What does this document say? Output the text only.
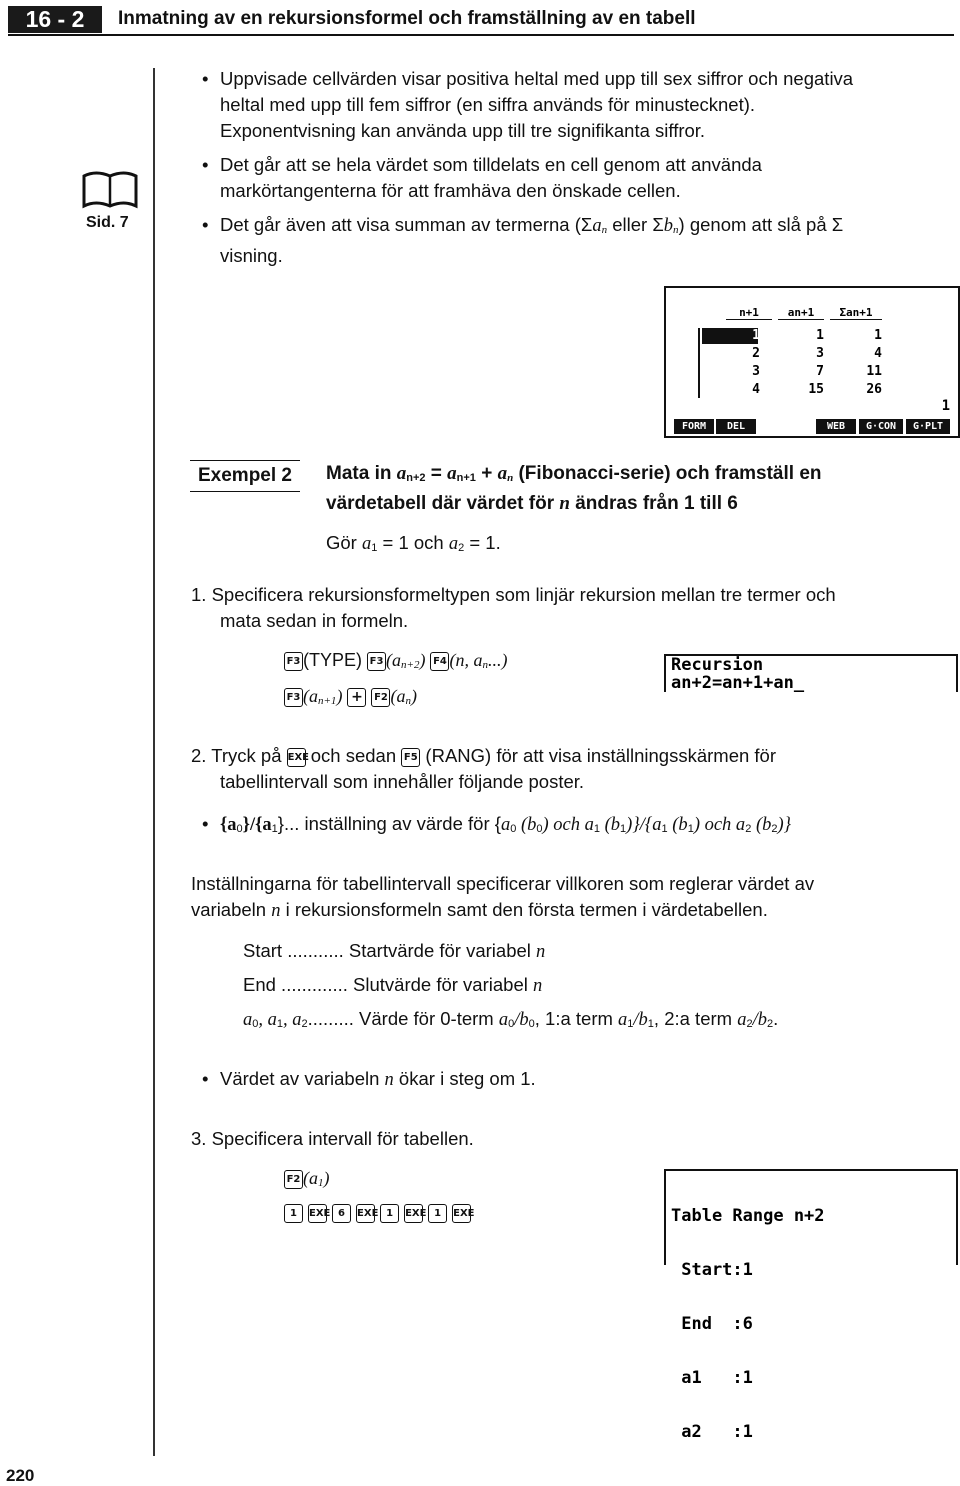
16 - 2	Inmatning av en rekursionsformel och framställning av en tabell
Sid. 7
• Uppvisade cellvärden visar positiva heltal med upp till sex siffror och negativa
heltal med upp till fem siffror (en siffra används för minustecknet).
Exponentvisning kan använda upp till tre signifikanta siffror.
• Det går att se hela värdet som tilldelats en cell genom att använda
markörtangenterna för att framhäva den önskade cellen.
• Det går även att visa summan av termerna (Σan eller Σbn) genom att slå på Σ
visning.
n+1	an+1	Σan+1
1	1	1
2	3	4
3	7	11
4	15	26
1
FORM	DEL	WEB	G·CON	G·PLT
Exempel 2	Mata in an+2 = an+1 + an (Fibonacci-serie) och framställ en
värdetabell där värdet för n ändras från 1 till 6
Gör a1 = 1 och a2 = 1.
1. Specificera rekursionsformeltypen som linjär rekursion mellan tre termer och
mata sedan in formeln.
F3 (TYPE) F3 (an+2) F4 (n, an...)
F3 (an+1) + F2 (an)
Recursion
an+2=an+1+an_
2. Tryck på EXE och sedan F5 (RANG) för att visa inställningsskärmen för
tabellintervall som innehåller följande poster.
• {a0}/{a1}... inställning av värde för {a0 (b0) och a1 (b1)}/{a1 (b1) och a2 (b2)}
Inställningarna för tabellintervall specificerar villkoren som reglerar värdet av
variabeln n i rekursionsformeln samt den första termen i värdetabellen.
Start ........... Startvärde för variabel n
End ............. Slutvärde för variabel n
a0, a1, a2......... Värde för 0-term a0/b0, 1:a term a1/b1, 2:a term a2/b2.
• Värdet av variabeln n ökar i steg om 1.
3. Specificera intervall för tabellen.
F2 (a1)
1 EXE 6 EXE 1 EXE 1 EXE

	Table Range n+2

Start:1

End  :6

a1   :1

a2   :1

220
